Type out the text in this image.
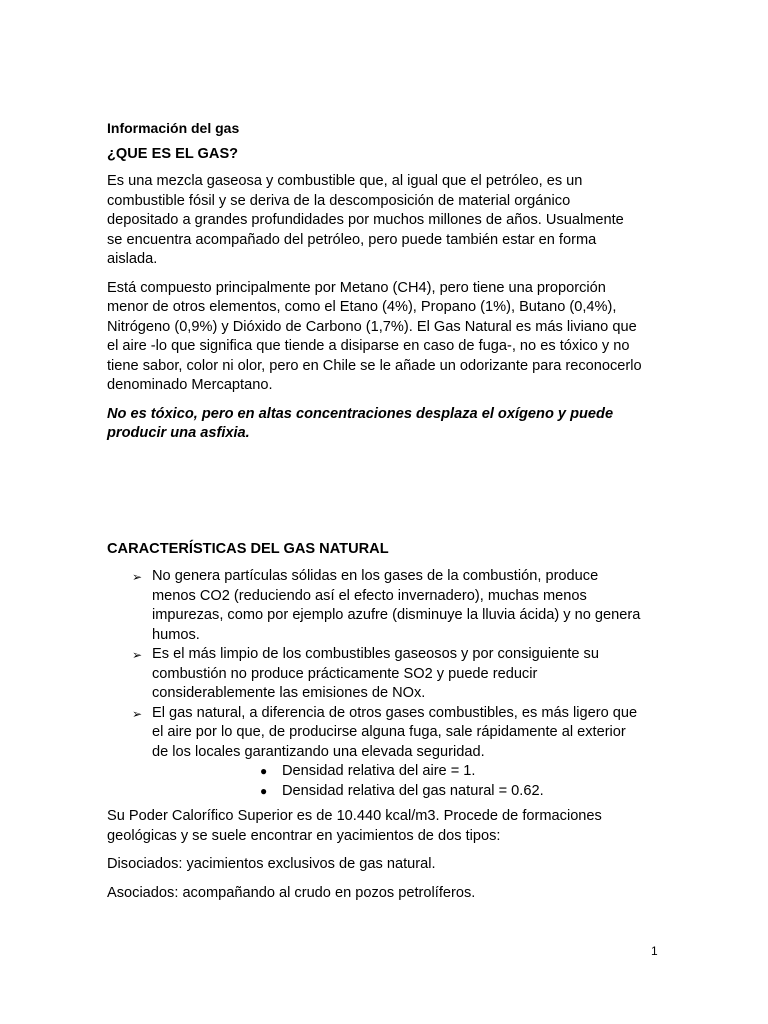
Información del gas
¿QUE ES EL GAS?

Es una mezcla gaseosa y combustible que, al igual que el petróleo, es un combustible fósil y se deriva de la descomposición de material orgánico depositado a grandes profundidades por muchos millones de años. Usualmente se encuentra acompañado del petróleo, pero puede también estar en forma aislada.

Está compuesto principalmente por Metano (CH4), pero tiene una proporción menor de otros elementos, como el Etano (4%), Propano (1%), Butano (0,4%), Nitrógeno (0,9%) y Dióxido de Carbono (1,7%). El Gas Natural es más liviano que el aire -lo que significa que tiende a disiparse en caso de fuga-, no es tóxico y no tiene sabor, color ni olor, pero en Chile se le añade un odorizante para reconocerlo denominado Mercaptano.

No es tóxico, pero en altas concentraciones desplaza el oxígeno y puede producir una asfixia.

CARACTERÍSTICAS DEL GAS NATURAL
➢ No genera partículas sólidas en los gases de la combustión, produce menos CO2 (reduciendo así el efecto invernadero), muchas menos impurezas, como por ejemplo azufre (disminuye la lluvia ácida) y no genera humos.
➢ Es el más limpio de los combustibles gaseosos y por consiguiente su combustión no produce prácticamente SO2 y puede reducir considerablemente las emisiones de NOx.
➢ El gas natural, a diferencia de otros gases combustibles, es más ligero que el aire por lo que, de producirse alguna fuga, sale rápidamente al exterior de los locales garantizando una elevada seguridad.
● Densidad relativa del aire = 1.
● Densidad relativa del gas natural = 0.62.

Su Poder Calorífico Superior es de 10.440 kcal/m3. Procede de formaciones geológicas y se suele encontrar en yacimientos de dos tipos:

Disociados: yacimientos exclusivos de gas natural.

Asociados: acompañando al crudo en pozos petrolíferos.

1
